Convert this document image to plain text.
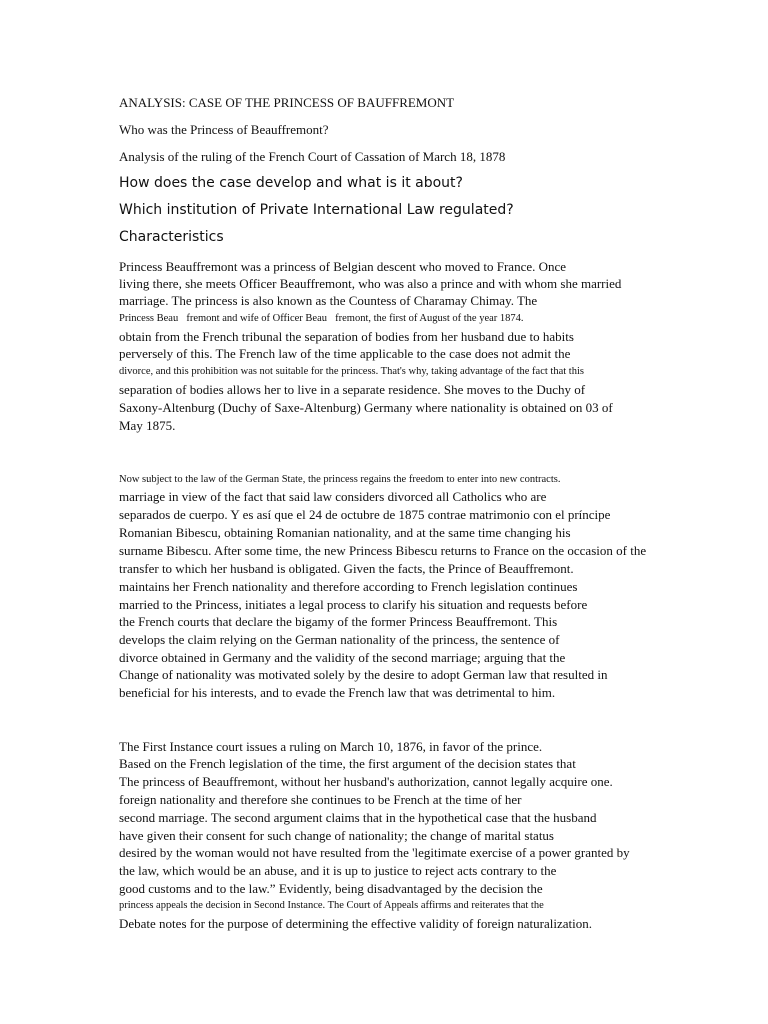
ANALYSIS: CASE OF THE PRINCESS OF BAUFFREMONT
Who was the Princess of Beauffremont?
Analysis of the ruling of the French Court of Cassation of March 18, 1878
How does the case develop and what is it about?
Which institution of Private International Law regulated?
Characteristics
Princess Beauffremont was a princess of Belgian descent who moved to France. Once
living there, she meets Officer Beauffremont, who was also a prince and with whom she married
marriage. The princess is also known as the Countess of Charamay Chimay. The
Princess Beau fremont and wife of Officer Beau fremont, the first of August of the year 1874.
obtain from the French tribunal the separation of bodies from her husband due to habits
perversely of this. The French law of the time applicable to the case does not admit the
divorce, and this prohibition was not suitable for the princess. That's why, taking advantage of the fact that this
separation of bodies allows her to live in a separate residence. She moves to the Duchy of
Saxony-Altenburg (Duchy of Saxe-Altenburg) Germany where nationality is obtained on 03 of
May 1875.
Now subject to the law of the German State, the princess regains the freedom to enter into new contracts.
marriage in view of the fact that said law considers divorced all Catholics who are
separados de cuerpo. Y es así que el 24 de octubre de 1875 contrae matrimonio con el príncipe
Romanian Bibescu, obtaining Romanian nationality, and at the same time changing his
surname Bibescu. After some time, the new Princess Bibescu returns to France on the occasion of the
transfer to which her husband is obligated. Given the facts, the Prince of Beauffremont.
maintains her French nationality and therefore according to French legislation continues
married to the Princess, initiates a legal process to clarify his situation and requests before
the French courts that declare the bigamy of the former Princess Beauffremont. This
develops the claim relying on the German nationality of the princess, the sentence of
divorce obtained in Germany and the validity of the second marriage; arguing that the
Change of nationality was motivated solely by the desire to adopt German law that resulted in
beneficial for his interests, and to evade the French law that was detrimental to him.
The First Instance court issues a ruling on March 10, 1876, in favor of the prince.
Based on the French legislation of the time, the first argument of the decision states that
The princess of Beauffremont, without her husband's authorization, cannot legally acquire one.
foreign nationality and therefore she continues to be French at the time of her
second marriage. The second argument claims that in the hypothetical case that the husband
have given their consent for such change of nationality; the change of marital status
desired by the woman would not have resulted from the 'legitimate exercise of a power granted by
the law, which would be an abuse, and it is up to justice to reject acts contrary to the
good customs and to the law.” Evidently, being disadvantaged by the decision the
princess appeals the decision in Second Instance. The Court of Appeals affirms and reiterates that the
Debate notes for the purpose of determining the effective validity of foreign naturalization.
